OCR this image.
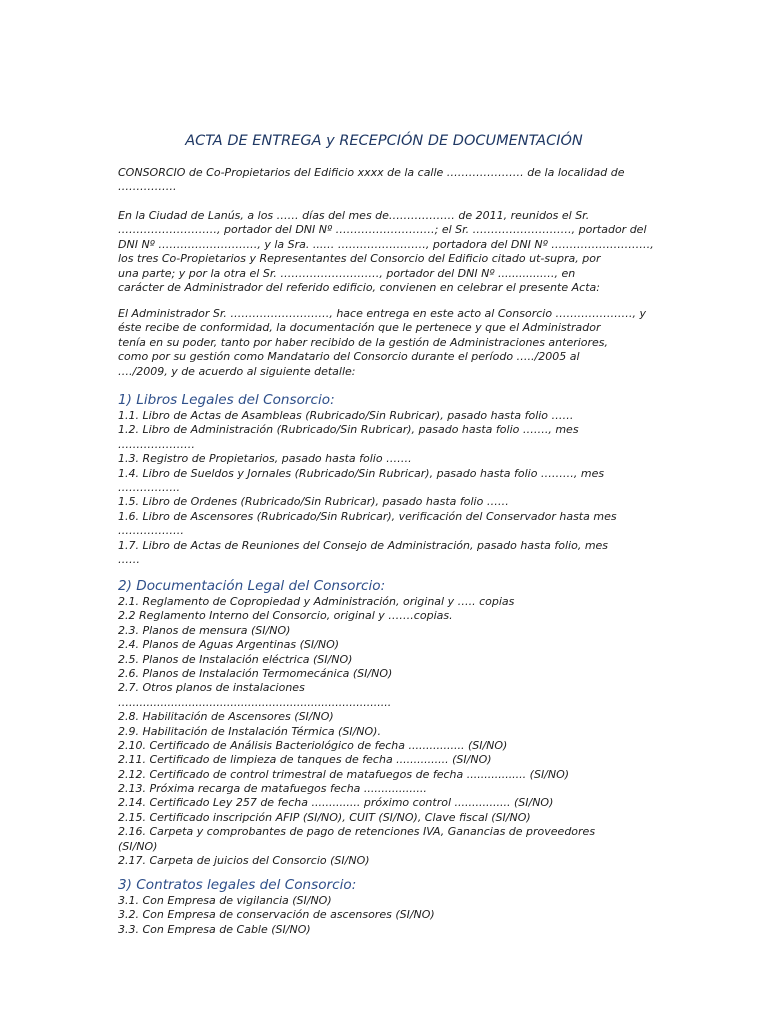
ACTA DE ENTREGA y RECEPCIÓN DE DOCUMENTACIÓN
CONSORCIO de Co-Propietarios del Edificio xxxx de la calle ………………… de la localidad de
…………….
En la Ciudad de Lanús, a los …… días del mes de……………… de 2011, reunidos el Sr.
………………………, portador del DNI Nº ………………………; el Sr. ………………………, portador del
DNI Nº ………………………, y la Sra. ...… ……………………, portadora del DNI Nº ………………………,
los tres Co-Propietarios y Representantes del Consorcio del Edificio citado ut-supra, por
una parte; y por la otra el Sr. ………………………, portador del DNI Nº .............…, en
carácter de Administrador del referido edificio, convienen en celebrar el presente Acta:
El Administrador Sr. ………………………, hace entrega en este acto al Consorcio …………………, y
éste recibe de conformidad, la documentación que le pertenece y que el Administrador
tenía en su poder, tanto por haber recibido de la gestión de Administraciones anteriores,
como por su gestión como Mandatario del Consorcio durante el período …../2005 al
…./2009, y de acuerdo al siguiente detalle:
1) Libros Legales del Consorcio:
1.1. Libro de Actas de Asambleas (Rubricado/Sin Rubricar), pasado hasta folio ……
1.2. Libro de Administración (Rubricado/Sin Rubricar), pasado hasta folio ……., mes
…………………
1.3. Registro de Propietarios, pasado hasta folio …….
1.4. Libro de Sueldos y Jornales (Rubricado/Sin Rubricar), pasado hasta folio ………, mes
……………..
1.5. Libro de Ordenes (Rubricado/Sin Rubricar), pasado hasta folio ……
1.6. Libro de Ascensores (Rubricado/Sin Rubricar), verificación del Conservador hasta mes
………………
1.7. Libro de Actas de Reuniones del Consejo de Administración, pasado hasta folio, mes
……
2) Documentación Legal del Consorcio:
2.1. Reglamento de Copropiedad y Administración, original y ….. copias
2.2 Reglamento Interno del Consorcio, original y …….copias.
2.3. Planos de mensura (SI/NO)
2.4. Planos de Aguas Argentinas (SI/NO)
2.5. Planos de Instalación eléctrica (SI/NO)
2.6. Planos de Instalación Termomecánica (SI/NO)
2.7. Otros planos de instalaciones
…...........................................................................
2.8. Habilitación de Ascensores (SI/NO)
2.9. Habilitación de Instalación Térmica (SI/NO).
2.10. Certificado de Análisis Bacteriológico de fecha ................ (SI/NO)
2.11. Certificado de limpieza de tanques de fecha ............... (SI/NO)
2.12. Certificado de control trimestral de matafuegos de fecha ................. (SI/NO)
2.13. Próxima recarga de matafuegos fecha ..................
2.14. Certificado Ley 257 de fecha .............. próximo control ................ (SI/NO)
2.15. Certificado inscripción AFIP (SI/NO), CUIT (SI/NO), Clave fiscal (SI/NO)
2.16. Carpeta y comprobantes de pago de retenciones IVA, Ganancias de proveedores
(SI/NO)
2.17. Carpeta de juicios del Consorcio (SI/NO)
3) Contratos legales del Consorcio:
3.1. Con Empresa de vigilancia (SI/NO)
3.2. Con Empresa de conservación de ascensores (SI/NO)
3.3. Con Empresa de Cable (SI/NO)
